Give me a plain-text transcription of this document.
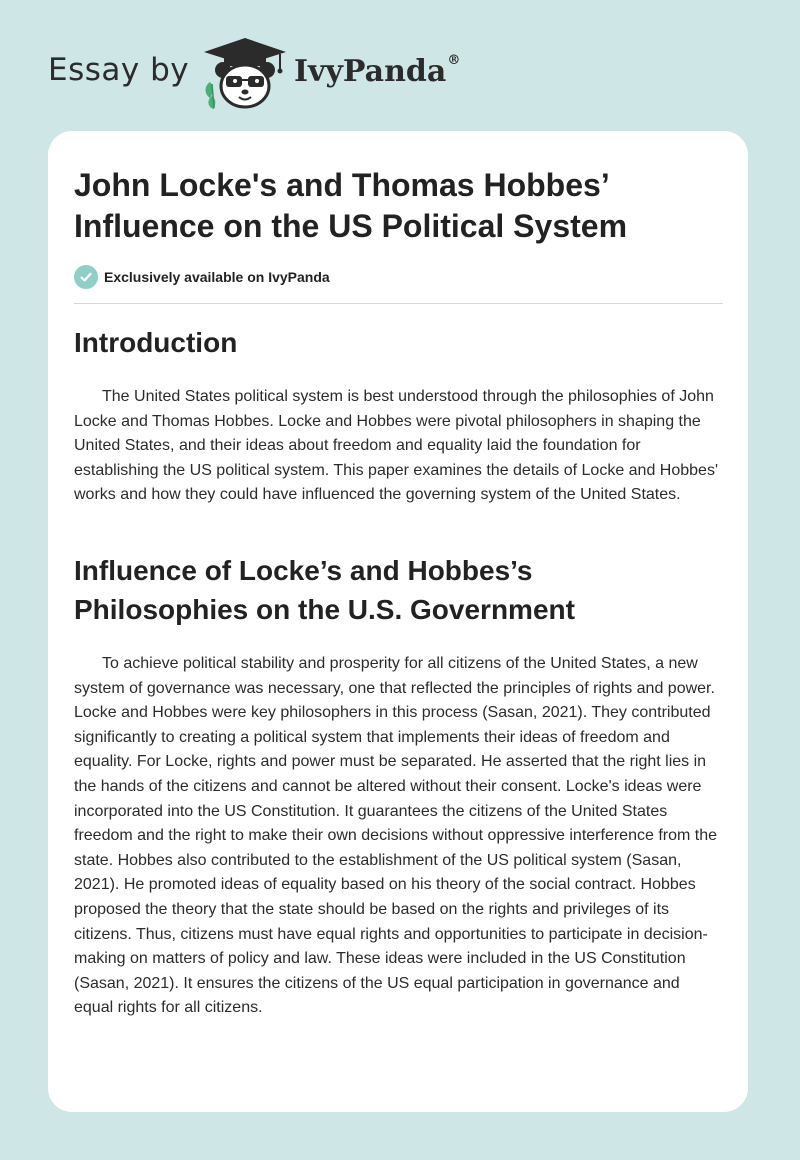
Essay by	IvyPanda®
John Locke's and Thomas Hobbes’ Influence on the US Political System
Exclusively available on IvyPanda
Introduction

The United States political system is best understood through the philosophies of John Locke and Thomas Hobbes. Locke and Hobbes were pivotal philosophers in shaping the United States, and their ideas about freedom and equality laid the foundation for establishing the US political system. This paper examines the details of Locke and Hobbes' works and how they could have influenced the governing system of the United States.

Influence of Locke’s and Hobbes’s Philosophies on the U.S. Government

To achieve political stability and prosperity for all citizens of the United States, a new system of governance was necessary, one that reflected the principles of rights and power. Locke and Hobbes were key philosophers in this process (Sasan, 2021). They contributed significantly to creating a political system that implements their ideas of freedom and equality. For Locke, rights and power must be separated. He asserted that the right lies in the hands of the citizens and cannot be altered without their consent. Locke's ideas were incorporated into the US Constitution. It guarantees the citizens of the United States freedom and the right to make their own decisions without oppressive interference from the state. Hobbes also contributed to the establishment of the US political system (Sasan, 2021). He promoted ideas of equality based on his theory of the social contract. Hobbes proposed the theory that the state should be based on the rights and privileges of its citizens. Thus, citizens must have equal rights and opportunities to participate in decision-making on matters of policy and law. These ideas were included in the US Constitution (Sasan, 2021). It ensures the citizens of the US equal participation in governance and equal rights for all citizens.
